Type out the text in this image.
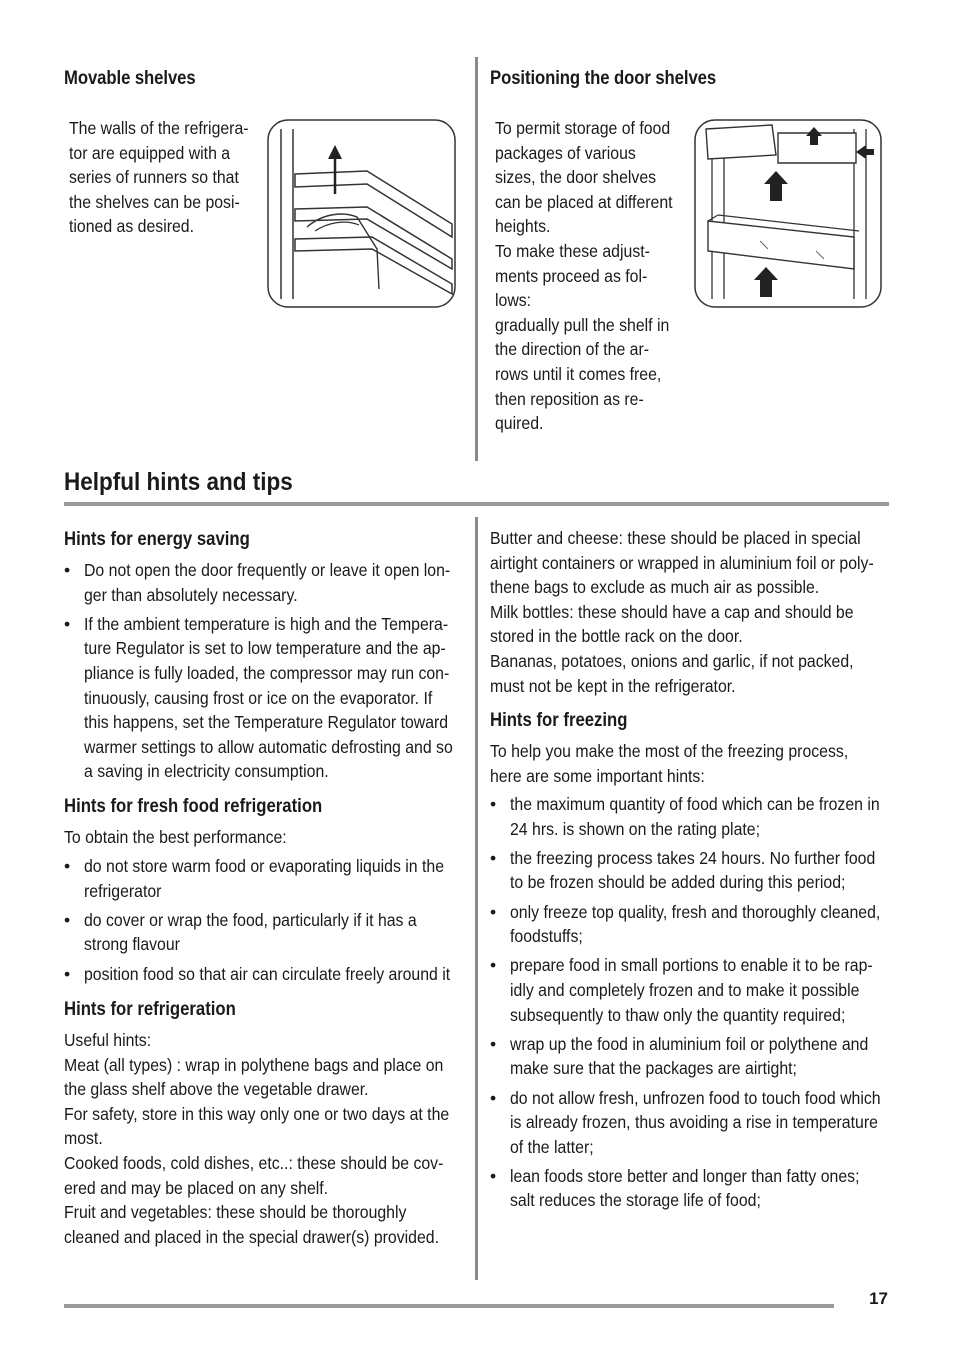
Movable shelves
The walls of the refrigera-
tor are equipped with a
series of runners so that
the shelves can be posi-
tioned as desired.
Positioning the door shelves
To permit storage of food
packages of various
sizes, the door shelves
can be placed at different
heights.
To make these adjust-
ments proceed as fol-
lows:
gradually pull the shelf in
the direction of the ar-
rows until it comes free,
then reposition as re-
quired.
Helpful hints and tips
Hints for energy saving
• Do not open the door frequently or leave it open lon-
ger than absolutely necessary.
• If the ambient temperature is high and the Tempera-
ture Regulator is set to low temperature and the ap-
pliance is fully loaded, the compressor may run con-
tinuously, causing frost or ice on the evaporator. If
this happens, set the Temperature Regulator toward
warmer settings to allow automatic defrosting and so
a saving in electricity consumption.
Hints for fresh food refrigeration
To obtain the best performance:
• do not store warm food or evaporating liquids in the
refrigerator
• do cover or wrap the food, particularly if it has a
strong flavour
• position food so that air can circulate freely around it
Hints for refrigeration
Useful hints:
Meat (all types) : wrap in polythene bags and place on
the glass shelf above the vegetable drawer.
For safety, store in this way only one or two days at the
most.
Cooked foods, cold dishes, etc..: these should be cov-
ered and may be placed on any shelf.
Fruit and vegetables: these should be thoroughly
cleaned and placed in the special drawer(s) provided.
Butter and cheese: these should be placed in special
airtight containers or wrapped in aluminium foil or poly-
thene bags to exclude as much air as possible.
Milk bottles: these should have a cap and should be
stored in the bottle rack on the door.
Bananas, potatoes, onions and garlic, if not packed,
must not be kept in the refrigerator.
Hints for freezing
To help you make the most of the freezing process,
here are some important hints:
• the maximum quantity of food which can be frozen in
24 hrs. is shown on the rating plate;
• the freezing process takes 24 hours. No further food
to be frozen should be added during this period;
• only freeze top quality, fresh and thoroughly cleaned,
foodstuffs;
• prepare food in small portions to enable it to be rap-
idly and completely frozen and to make it possible
subsequently to thaw only the quantity required;
• wrap up the food in aluminium foil or polythene and
make sure that the packages are airtight;
• do not allow fresh, unfrozen food to touch food which
is already frozen, thus avoiding a rise in temperature
of the latter;
• lean foods store better and longer than fatty ones;
salt reduces the storage life of food;
17
